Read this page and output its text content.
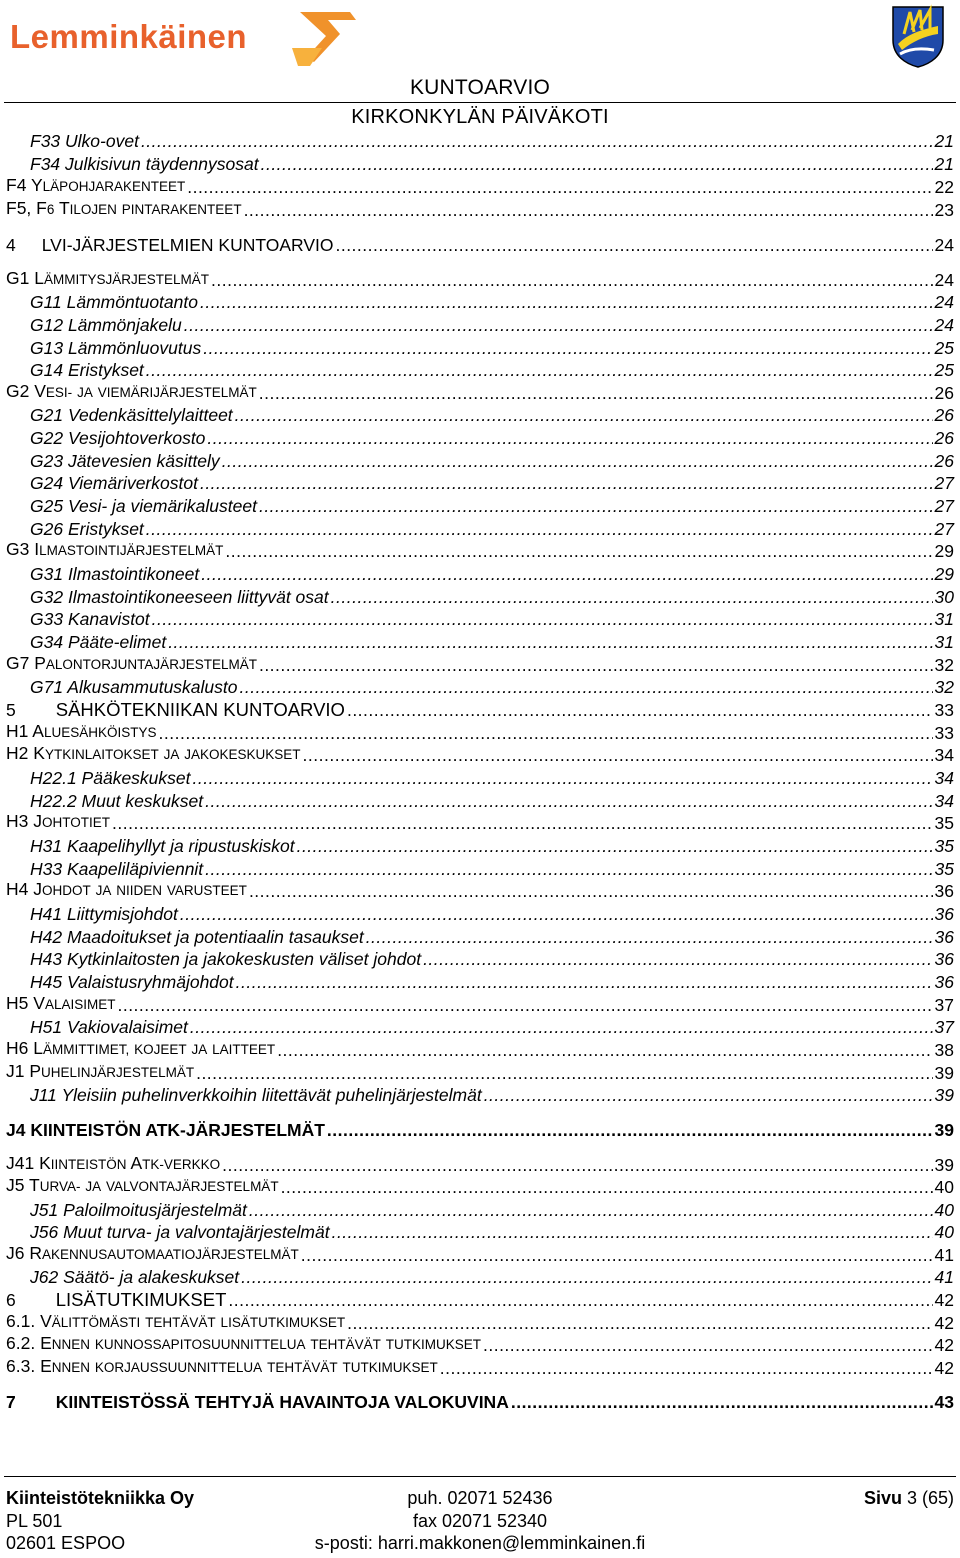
Lemminkäinen
KUNTOARVIO
KIRKONKYLÄN PÄIVÄKOTI
F33 Ulko-ovet .....	21
F34 Julkisivun täydennysosat .....	21
F4 YLÄPOHJARAKENTEET .....	22
F5, F6 TILOJEN PINTARAKENTEET .....	23
4 LVI-JÄRJESTELMIEN KUNTOARVIO .....	24
G1 LÄMMITYSJÄRJESTELMÄT .....	24
G11 Lämmöntuotanto .....	24
G12 Lämmönjakelu .....	24
G13 Lämmönluovutus .....	25
G14 Eristykset .....	25
G2 VESI- JA VIEMÄRIJÄRJESTELMÄT .....	26
G21 Vedenkäsittelylaitteet .....	26
G22 Vesijohtoverkosto .....	26
G23 Jätevesien käsittely .....	26
G24 Viemäriverkostot .....	27
G25 Vesi- ja viemärikalusteet .....	27
G26 Eristykset .....	27
G3 ILMASTOINTIJÄRJESTELMÄT .....	29
G31 Ilmastointikoneet .....	29
G32 Ilmastointikoneeseen liittyvät osat .....	30
G33 Kanavistot .....	31
G34 Pääte-elimet .....	31
G7 PALONTORJUNTAJÄRJESTELMÄT .....	32
G71 Alkusammutuskalusto .....	32
5 SÄHKÖTEKNIIKAN KUNTOARVIO .....	33
H1 ALUESÄHKÖISTYS .....	33
H2 KYTKINLAITOKSET JA JAKOKESKUKSET .....	34
H22.1 Pääkeskukset .....	34
H22.2 Muut keskukset .....	34
H3 JOHTOTIET .....	35
H31 Kaapelihyllyt ja ripustuskiskot .....	35
H33 Kaapeliläpiviennit .....	35
H4 JOHDOT JA NIIDEN VARUSTEET .....	36
H41 Liittymisjohdot .....	36
H42 Maadoitukset ja potentiaalin tasaukset .....	36
H43 Kytkinlaitosten ja jakokeskusten väliset johdot .....	36
H45 Valaistusryhmäjohdot .....	36
H5 VALAISIMET .....	37
H51 Vakiovalaisimet .....	37
H6 LÄMMITTIMET, KOJEET JA LAITTEET .....	38
J1 PUHELINJÄRJESTELMÄT .....	39
J11 Yleisiin puhelinverkkoihin liitettävät puhelinjärjestelmät .....	39
J4 KIINTEISTÖN ATK-JÄRJESTELMÄT .....	39
J41 KIINTEISTÖN ATK-VERKKO .....	39
J5 TURVA- JA VALVONTAJÄRJESTELMÄT .....	40
J51 Paloilmoitusjärjestelmät .....	40
J56 Muut turva- ja valvontajärjestelmät .....	40
J6 RAKENNUSAUTOMAATIOJÄRJESTELMÄT .....	41
J62 Säätö- ja alakeskukset .....	41
6 LISÄTUTKIMUKSET .....	42
6.1. VÄLITTÖMÄSTI TEHTÄVÄT LISÄTUTKIMUKSET .....	42
6.2. ENNEN KUNNOSSAPITOSUUNNITTELUA TEHTÄVÄT TUTKIMUKSET .....	42
6.3. ENNEN KORJAUSSUUNNITTELUA TEHTÄVÄT TUTKIMUKSET .....	42
7 KIINTEISTÖSSÄ TEHTYJÄ HAVAINTOJA VALOKUVINA .....	43
Kiinteistötekniikka Oy
PL 501
02601 ESPOO
puh. 02071 52436
fax 02071 52340
s-posti: harri.makkonen@lemminkainen.fi
Sivu 3 (65)
